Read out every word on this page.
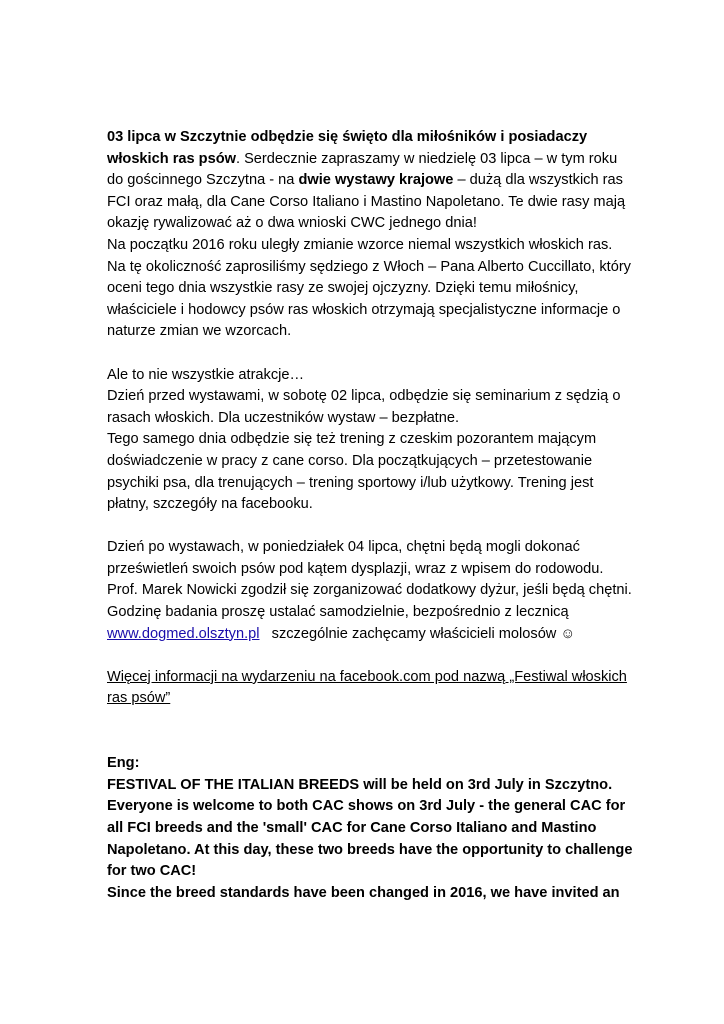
03 lipca w Szczytnie odbędzie się święto dla miłośników i posiadaczy
włoskich ras psów. Serdecznie zapraszamy w niedzielę 03 lipca – w tym roku
do gościnnego Szczytna - na dwie wystawy krajowe – dużą dla wszystkich ras
FCI oraz małą, dla Cane Corso Italiano i Mastino Napoletano. Te dwie rasy mają
okazję rywalizować aż o dwa wnioski CWC jednego dnia!
Na początku 2016 roku uległy zmianie wzorce niemal wszystkich włoskich ras.
Na tę okoliczność zaprosiliśmy sędziego z Włoch – Pana Alberto Cuccillato, który
oceni tego dnia wszystkie rasy ze swojej ojczyzny. Dzięki temu miłośnicy,
właściciele i hodowcy psów ras włoskich otrzymają specjalistyczne informacje o
naturze zmian we wzorcach.
Ale to nie wszystkie atrakcje…
Dzień przed wystawami, w sobotę 02 lipca, odbędzie się seminarium z sędzią o
rasach włoskich. Dla uczestników wystaw – bezpłatne.
Tego samego dnia odbędzie się też trening z czeskim pozorantem mającym
doświadczenie w pracy z cane corso. Dla początkujących – przetestowanie
psychiki psa, dla trenujących – trening sportowy i/lub użytkowy. Trening jest
płatny, szczegóły na facebooku.
Dzień po wystawach, w poniedziałek 04 lipca, chętni będą mogli dokonać
prześwietleń swoich psów pod kątem dysplazji, wraz z wpisem do rodowodu.
Prof. Marek Nowicki zgodził się zorganizować dodatkowy dyżur, jeśli będą chętni.
Godzinę badania proszę ustalać samodzielnie, bezpośrednio z lecznicą
www.dogmed.olsztyn.pl   szczególnie zachęcamy właścicieli molosów ☺
Więcej informacji na wydarzeniu na facebook.com pod nazwą „Festiwal włoskich
ras psów”
Eng:
FESTIVAL OF THE ITALIAN BREEDS will be held on 3rd July in Szczytno.
Everyone is welcome to both CAC shows on 3rd July - the general CAC for
all FCI breeds and the 'small' CAC for Cane Corso Italiano and Mastino
Napoletano. At this day, these two breeds have the opportunity to challenge
for two CAC!
Since the breed standards have been changed in 2016, we have invited an
